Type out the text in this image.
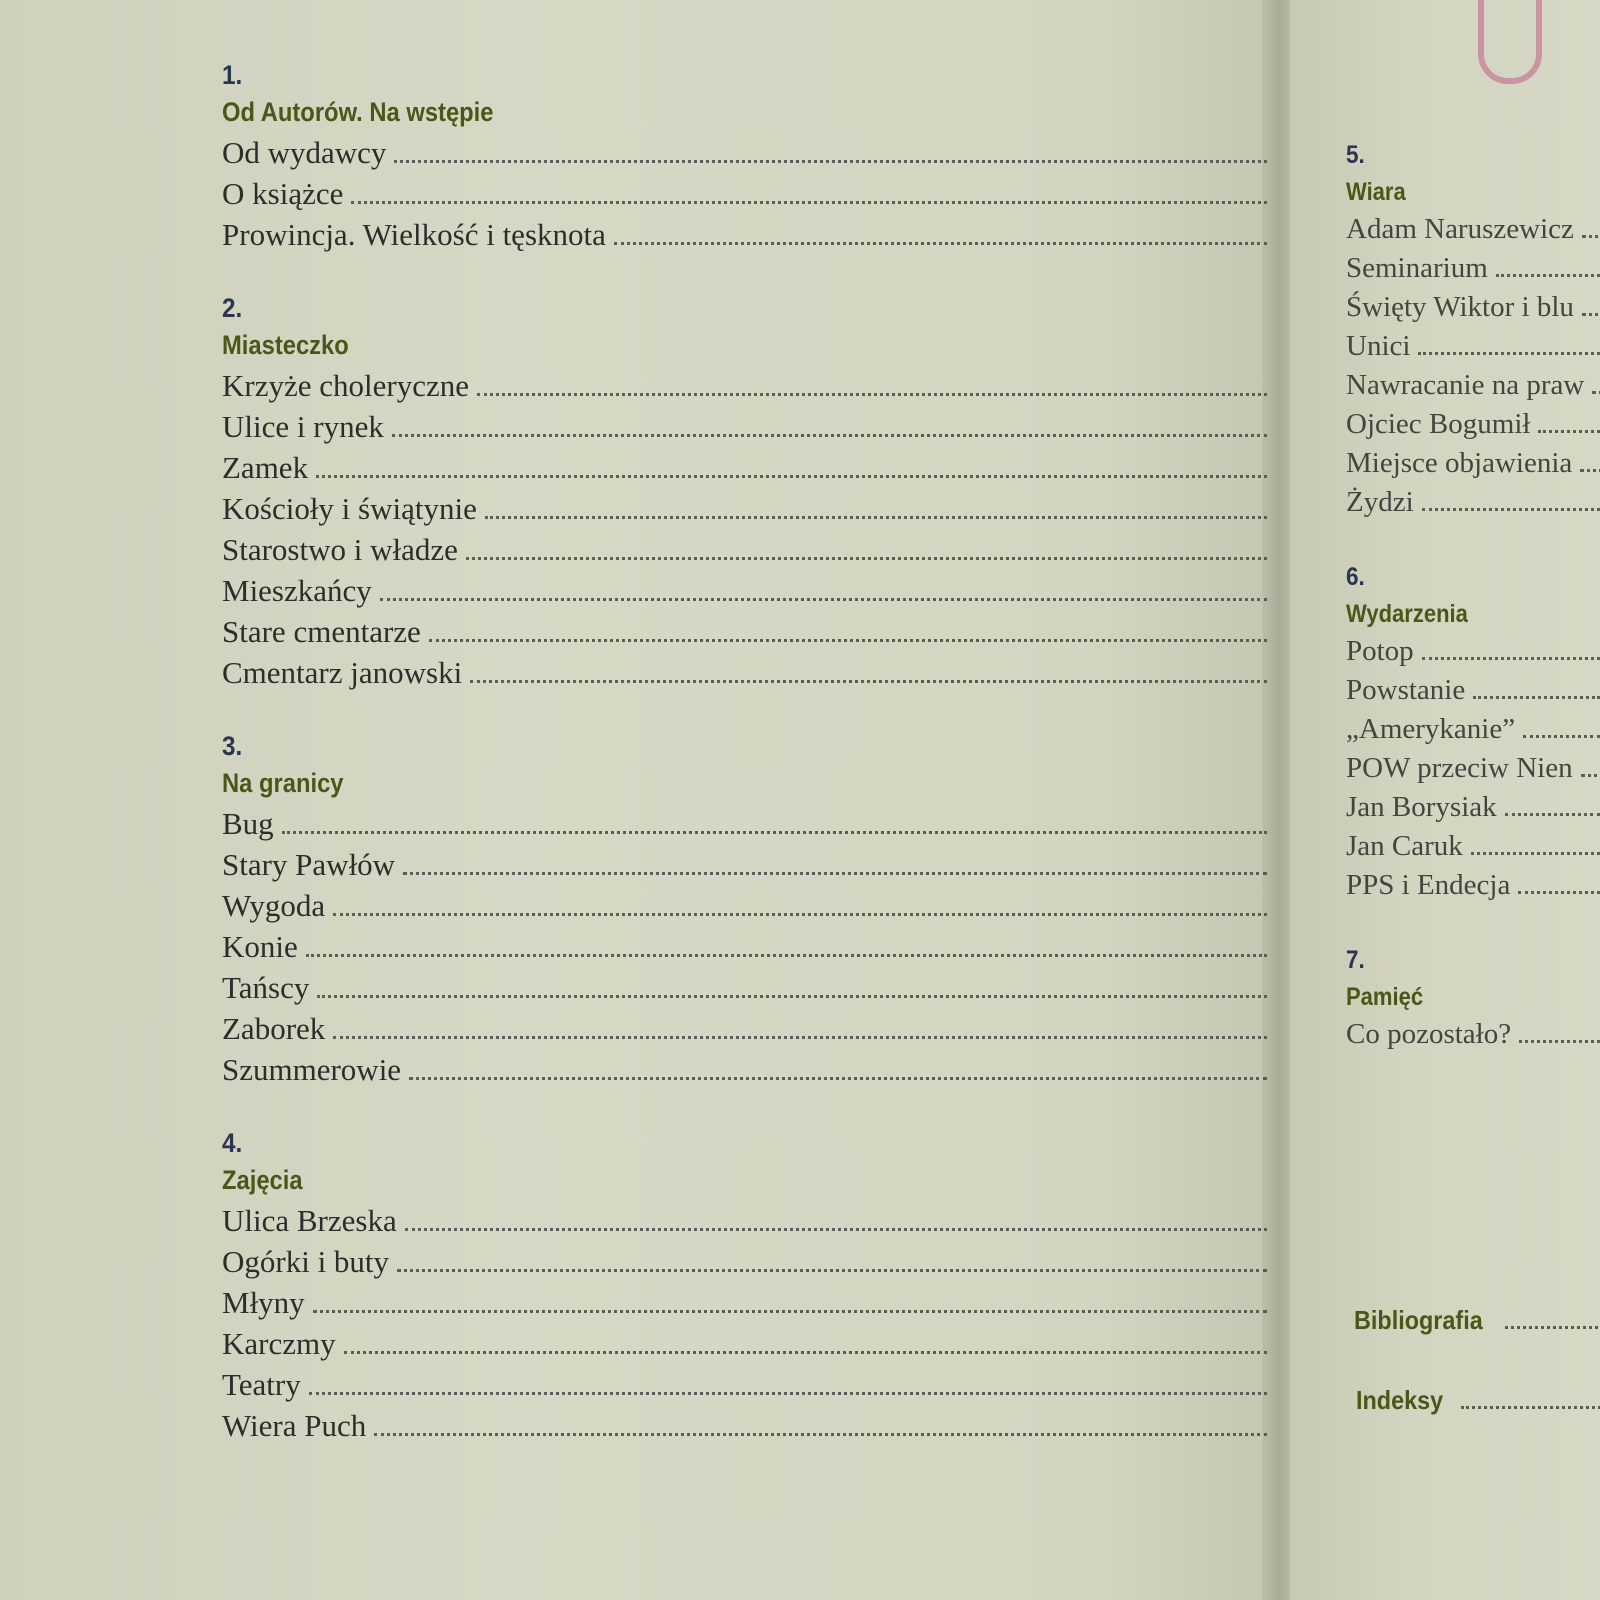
1.
Od Autorów. Na wstępie
Od wydawcy
O książce
Prowincja. Wielkość i tęsknota
2.
Miasteczko
Krzyże choleryczne
Ulice i rynek
Zamek
Kościoły i świątynie
Starostwo i władze
Mieszkańcy
Stare cmentarze
Cmentarz janowski
3.
Na granicy
Bug
Stary Pawłów
Wygoda
Konie
Tańscy
Zaborek
Szummerowie
4.
Zajęcia
Ulica Brzeska
Ogórki i buty
Młyny
Karczmy
Teatry
Wiera Puch
5.
Wiara
Adam Naruszewicz
Seminarium
Święty Wiktor i blu
Unici
Nawracanie na praw
Ojciec Bogumił
Miejsce objawienia
Żydzi
6.
Wydarzenia
Potop
Powstanie
„Amerykanie”
POW przeciw Nien
Jan Borysiak
Jan Caruk
PPS i Endecja
7.
Pamięć
Co pozostało?
Bibliografia
Indeksy
